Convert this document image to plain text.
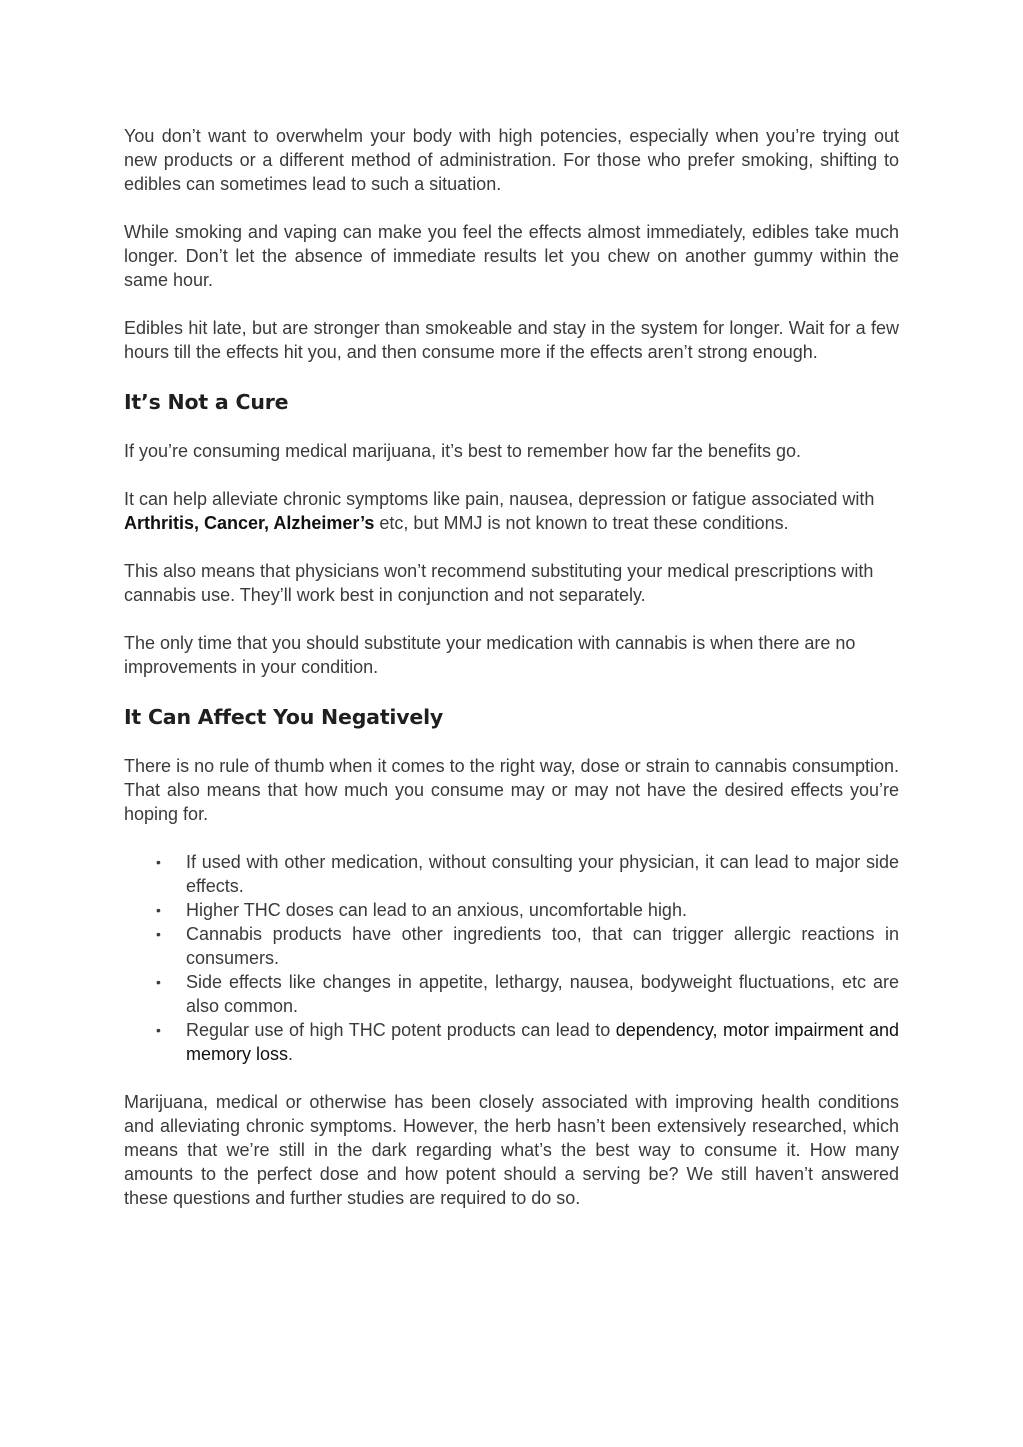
You don’t want to overwhelm your body with high potencies, especially when you’re trying out new products or a different method of administration. For those who prefer smoking, shifting to edibles can sometimes lead to such a situation.

While smoking and vaping can make you feel the effects almost immediately, edibles take much longer. Don’t let the absence of immediate results let you chew on another gummy within the same hour.

Edibles hit late, but are stronger than smokeable and stay in the system for longer. Wait for a few hours till the effects hit you, and then consume more if the effects aren’t strong enough.

It’s Not a Cure

If you’re consuming medical marijuana, it’s best to remember how far the benefits go.

It can help alleviate chronic symptoms like pain, nausea, depression or fatigue associated with Arthritis, Cancer, Alzheimer’s etc, but MMJ is not known to treat these conditions.

This also means that physicians won’t recommend substituting your medical prescriptions with cannabis use. They’ll work best in conjunction and not separately.

The only time that you should substitute your medication with cannabis is when there are no improvements in your condition.

It Can Affect You Negatively

There is no rule of thumb when it comes to the right way, dose or strain to cannabis consumption. That also means that how much you consume may or may not have the desired effects you’re hoping for.

• If used with other medication, without consulting your physician, it can lead to major side effects.
• Higher THC doses can lead to an anxious, uncomfortable high.
• Cannabis products have other ingredients too, that can trigger allergic reactions in consumers.
• Side effects like changes in appetite, lethargy, nausea, bodyweight fluctuations, etc are also common.
• Regular use of high THC potent products can lead to dependency, motor impairment and memory loss.

Marijuana, medical or otherwise has been closely associated with improving health conditions and alleviating chronic symptoms. However, the herb hasn’t been extensively researched, which means that we’re still in the dark regarding what’s the best way to consume it. How many amounts to the perfect dose and how potent should a serving be? We still haven’t answered these questions and further studies are required to do so.
